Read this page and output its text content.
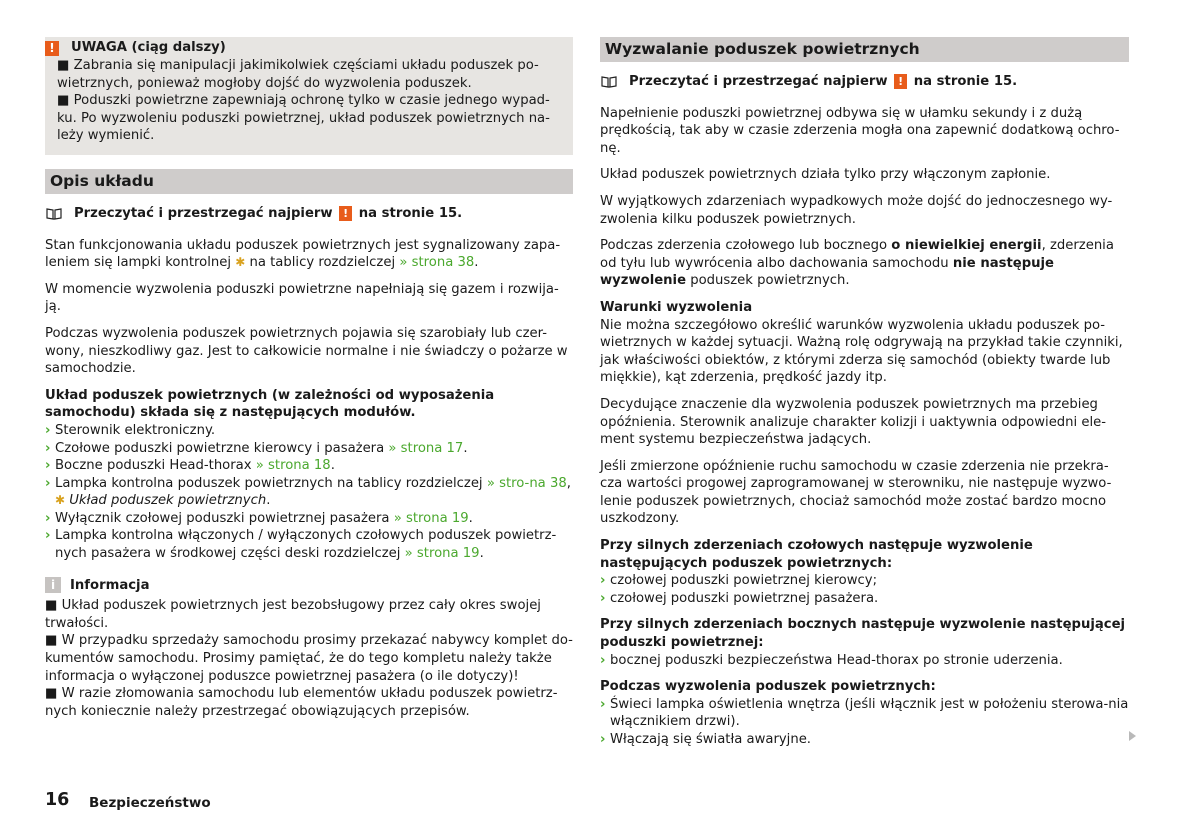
!	UWAGA (ciąg dalszy)

■ Zabrania się manipulacji jakimikolwiek częściami układu poduszek po-wietrznych, ponieważ mogłoby dojść do wyzwolenia poduszek.

■ Poduszki powietrzne zapewniają ochronę tylko w czasie jednego wypad-ku. Po wyzwoleniu poduszki powietrznej, układ poduszek powietrznych na-leży wymienić.

Opis układu
Przeczytać i przestrzegać najpierw
!
na stronie 15.

Stan funkcjonowania układu poduszek powietrznych jest sygnalizowany zapa-leniem się lampki kontrolnej ✱ na tablicy rozdzielczej » strona 38.

W momencie wyzwolenia poduszki powietrzne napełniają się gazem i rozwija-ją.

Podczas wyzwolenia poduszek powietrznych pojawia się szarobiały lub czer-wony, nieszkodliwy gaz. Jest to całkowicie normalne i nie świadczy o pożarze w samochodzie.

Układ poduszek powietrznych (w zależności od wyposażenia samochodu) składa się z następujących modułów.

› Sterownik elektroniczny.
› Czołowe poduszki powietrzne kierowcy i pasażera » strona 17.
› Boczne poduszki Head-thorax » strona 18.
› Lampka kontrolna poduszek powietrznych na tablicy rozdzielczej » stro-na 38, ✱ Układ poduszek powietrznych.
› Wyłącznik czołowej poduszki powietrznej pasażera » strona 19.
› Lampka kontrolna włączonych / wyłączonych czołowych poduszek powietrz-nych pasażera w środkowej części deski rozdzielczej » strona 19.
i	Informacja

■ Układ poduszek powietrznych jest bezobsługowy przez cały okres swojej trwałości.

■ W przypadku sprzedaży samochodu prosimy przekazać nabywcy komplet do-kumentów samochodu. Prosimy pamiętać, że do tego kompletu należy także informacja o wyłączonej poduszce powietrznej pasażera (o ile dotyczy)!

■ W razie złomowania samochodu lub elementów układu poduszek powietrz-nych koniecznie należy przestrzegać obowiązujących przepisów.

Wyzwalanie poduszek powietrznych
Przeczytać i przestrzegać najpierw
!
na stronie 15.

Napełnienie poduszki powietrznej odbywa się w ułamku sekundy i z dużą prędkością, tak aby w czasie zderzenia mogła ona zapewnić dodatkową ochro-nę.

Układ poduszek powietrznych działa tylko przy włączonym zapłonie.

W wyjątkowych zdarzeniach wypadkowych może dojść do jednoczesnego wy-zwolenia kilku poduszek powietrznych.

Podczas zderzenia czołowego lub bocznego o niewielkiej energii, zderzenia od tyłu lub wywrócenia albo dachowania samochodu nie następuje wyzwolenie poduszek powietrznych.

Warunki wyzwolenia

Nie można szczegółowo określić warunków wyzwolenia układu poduszek po-wietrznych w każdej sytuacji. Ważną rolę odgrywają na przykład takie czynniki, jak właściwości obiektów, z którymi zderza się samochód (obiekty twarde lub miękkie), kąt zderzenia, prędkość jazdy itp.

Decydujące znaczenie dla wyzwolenia poduszek powietrznych ma przebieg opóźnienia. Sterownik analizuje charakter kolizji i uaktywnia odpowiedni ele-ment systemu bezpieczeństwa jadących.

Jeśli zmierzone opóźnienie ruchu samochodu w czasie zderzenia nie przekra-cza wartości progowej zaprogramowanej w sterowniku, nie następuje wyzwo-lenie poduszek powietrznych, chociaż samochód może zostać bardzo mocno uszkodzony.

Przy silnych zderzeniach czołowych następuje wyzwolenie następujących poduszek powietrznych:

› czołowej poduszki powietrznej kierowcy;
› czołowej poduszki powietrznej pasażera.

Przy silnych zderzeniach bocznych następuje wyzwolenie następującej poduszki powietrznej:

› bocznej poduszki bezpieczeństwa Head-thorax po stronie uderzenia.

Podczas wyzwolenia poduszek powietrznych:

› Świeci lampka oświetlenia wnętrza (jeśli włącznik jest w położeniu sterowa-nia włącznikiem drzwi).
› Włączają się światła awaryjne.
16 Bezpieczeństwo
